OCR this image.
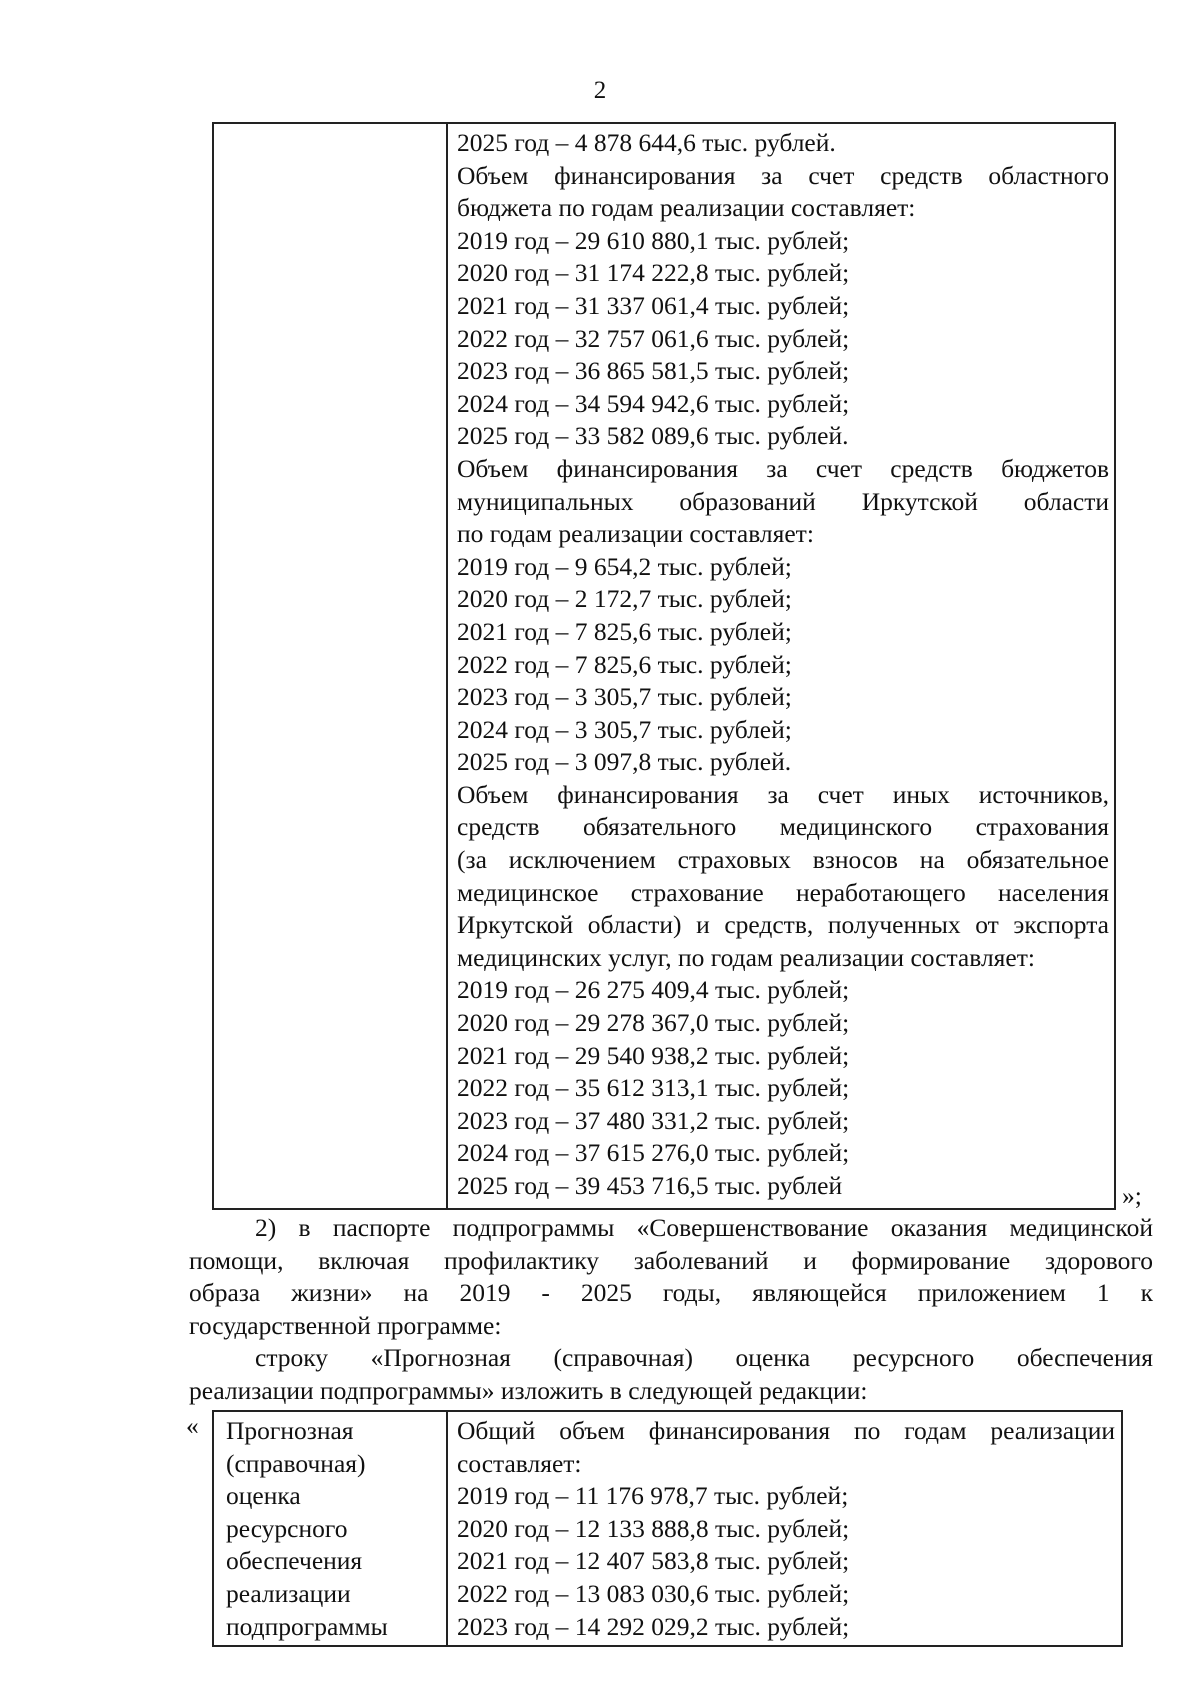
2
2025 год – 4 878 644,6 тыс. рублей.
Объем финансирования за счет средств областного
бюджета по годам реализации составляет:
2019 год – 29 610 880,1 тыс. рублей;
2020 год – 31 174 222,8 тыс. рублей;
2021 год – 31 337 061,4 тыс. рублей;
2022 год – 32 757 061,6 тыс. рублей;
2023 год – 36 865 581,5 тыс. рублей;
2024 год – 34 594 942,6 тыс. рублей;
2025 год – 33 582 089,6 тыс. рублей.
Объем финансирования за счет средств бюджетов
муниципальных образований Иркутской области
по годам реализации составляет:
2019 год – 9 654,2 тыс. рублей;
2020 год – 2 172,7 тыс. рублей;
2021 год – 7 825,6 тыс. рублей;
2022 год – 7 825,6 тыс. рублей;
2023 год – 3 305,7 тыс. рублей;
2024 год – 3 305,7 тыс. рублей;
2025 год – 3 097,8 тыс. рублей.
Объем финансирования за счет иных источников,
средств обязательного медицинского страхования
(за исключением страховых взносов на обязательное
медицинское страхование неработающего населения
Иркутской области) и средств, полученных от экспорта
медицинских услуг, по годам реализации составляет:
2019 год – 26 275 409,4 тыс. рублей;
2020 год – 29 278 367,0 тыс. рублей;
2021 год – 29 540 938,2 тыс. рублей;
2022 год – 35 612 313,1 тыс. рублей;
2023 год – 37 480 331,2 тыс. рублей;
2024 год – 37 615 276,0 тыс. рублей;
2025 год – 39 453 716,5 тыс. рублей	»;
2) в паспорте подпрограммы «Совершенствование оказания медицинской
помощи, включая профилактику заболеваний и формирование здорового
образа жизни» на 2019 - 2025 годы, являющейся приложением 1 к
государственной программе:
строку «Прогнозная (справочная) оценка ресурсного обеспечения
реализации подпрограммы» изложить в следующей редакции:
« Прогнозная
(справочная)
оценка
ресурсного
обеспечения
реализации
подпрограммы
Общий объем финансирования по годам реализации
составляет:
2019 год – 11 176 978,7 тыс. рублей;
2020 год – 12 133 888,8 тыс. рублей;
2021 год – 12 407 583,8 тыс. рублей;
2022 год – 13 083 030,6 тыс. рублей;
2023 год – 14 292 029,2 тыс. рублей;
